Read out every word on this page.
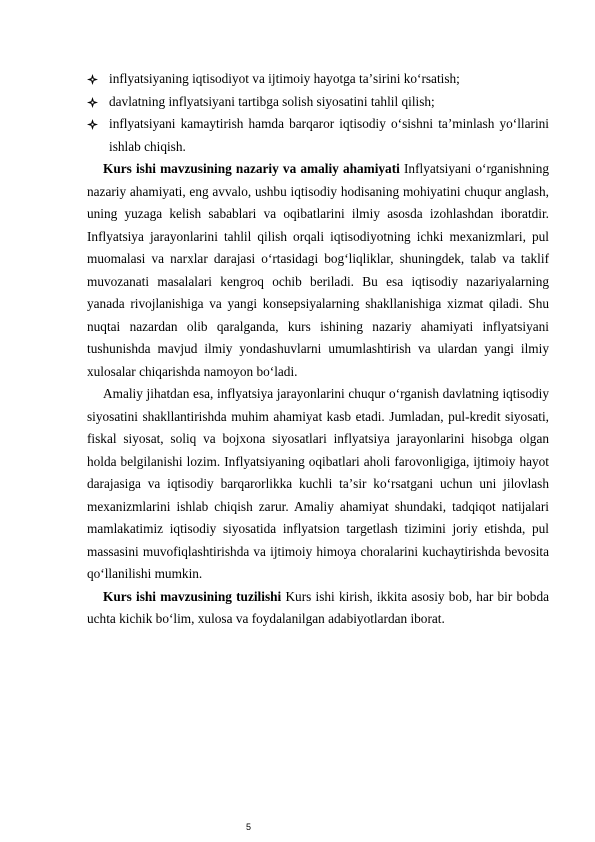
inflyatsiyaning iqtisodiyot va ijtimoiy hayotga taʼsirini ko‘rsatish;

davlatning inflyatsiyani tartibga solish siyosatini tahlil qilish;

inflyatsiyani kamaytirish hamda barqaror iqtisodiy o‘sishni taʼminlash yo‘llarini ishlab chiqish.

Kurs ishi mavzusining nazariy va amaliy ahamiyati Inflyatsiyani o‘rganishning nazariy ahamiyati, eng avvalo, ushbu iqtisodiy hodisaning mohiyatini chuqur anglash, uning yuzaga kelish sabablari va oqibatlarini ilmiy asosda izohlashdan iboratdir. Inflyatsiya jarayonlarini tahlil qilish orqali iqtisodiyotning ichki mexanizmlari, pul muomalasi va narxlar darajasi o‘rtasidagi bog‘liqliklar, shuningdek, talab va taklif muvozanati masalalari kengroq ochib beriladi. Bu esa iqtisodiy nazariyalarning yanada rivojlanishiga va yangi konsepsiyalarning shakllanishiga xizmat qiladi. Shu nuqtai nazardan olib qaralganda, kurs ishining nazariy ahamiyati inflyatsiyani tushunishda mavjud ilmiy yondashuvlarni umumlashtirish va ulardan yangi ilmiy xulosalar chiqarishda namoyon bo‘ladi.

Amaliy jihatdan esa, inflyatsiya jarayonlarini chuqur o‘rganish davlatning iqtisodiy siyosatini shakllantirishda muhim ahamiyat kasb etadi. Jumladan, pul-kredit siyosati, fiskal siyosat, soliq va bojxona siyosatlari inflyatsiya jarayonlarini hisobga olgan holda belgilanishi lozim. Inflyatsiyaning oqibatlari aholi farovonligiga, ijtimoiy hayot darajasiga va iqtisodiy barqarorlikka kuchli taʼsir ko‘rsatgani uchun uni jilovlash mexanizmlarini ishlab chiqish zarur. Amaliy ahamiyat shundaki, tadqiqot natijalari mamlakatimiz iqtisodiy siyosatida inflyatsion targetlash tizimini joriy etishda, pul massasini muvofiqlashtirishda va ijtimoiy himoya choralarini kuchaytirishda bevosita qo‘llanilishi mumkin.

Kurs ishi mavzusining tuzilishi Kurs ishi kirish, ikkita asosiy bob, har bir bobda uchta kichik bo‘lim, xulosa va foydalanilgan adabiyotlardan iborat.

5
